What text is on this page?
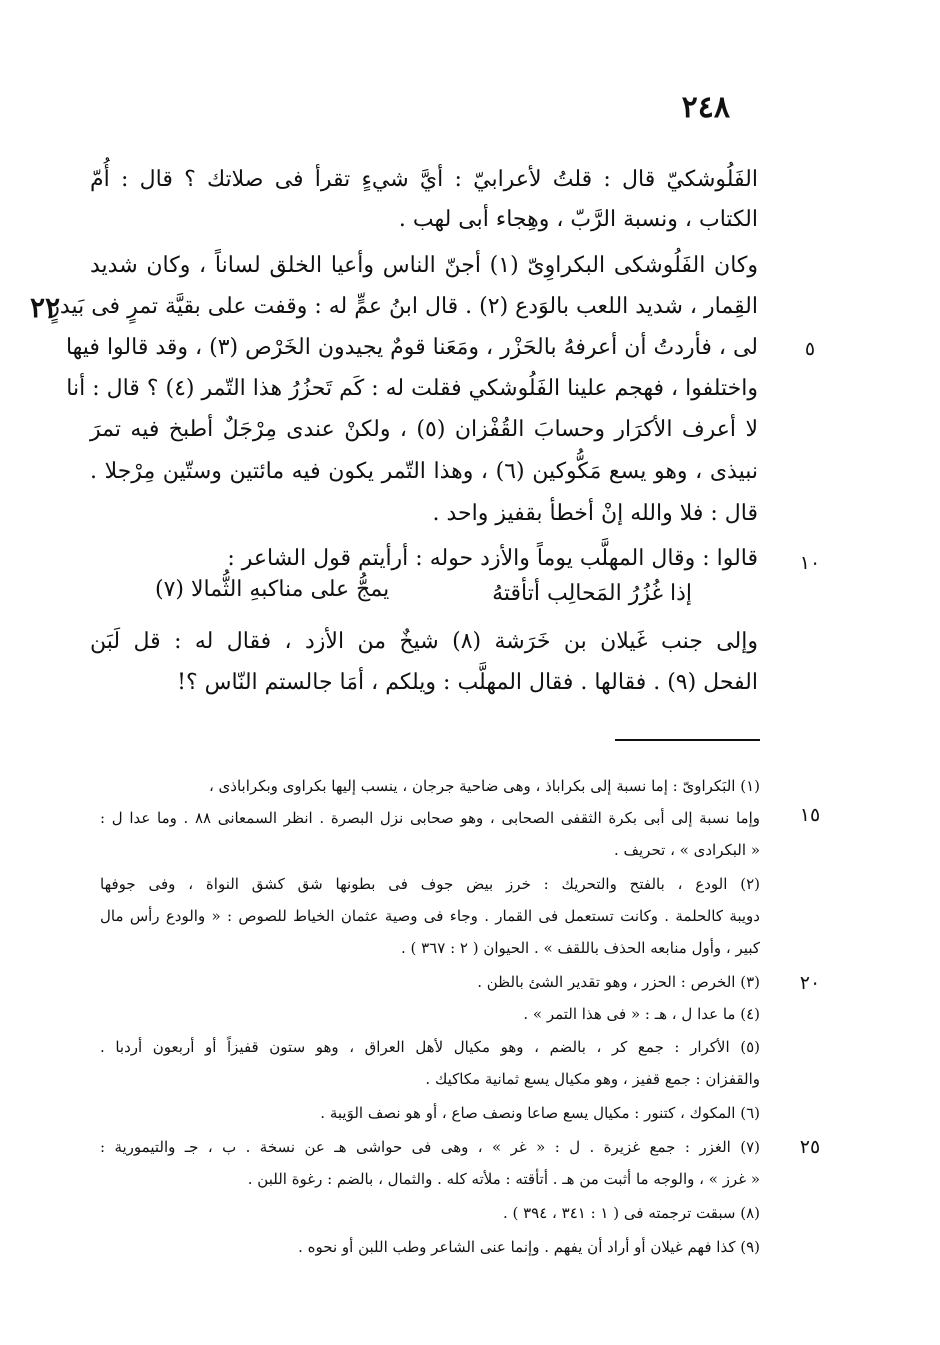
٢٤٨
٢٢
٥
١٠
١٥
٢٠
٢٥
الفَلُوشكيّ قال : قلتُ لأعرابيّ : أيَّ شيءٍ تقرأ فى صلاتك ؟ قال : أُمّ
الكتاب ، ونسبة الرَّبّ ، وهِجاء أبى لهب .
وكان الفَلُوشكى البكراوِىّ (١) أجنّ الناس وأعيا الخلق لساناً ، وكان شديد
القِمار ، شديد اللعب بالوَدع (٢) . قال ابنُ عمٍّ له : وقفت على بقيَّة تمرٍ فى بَيدرٍ
لى ، فأردتُ أن أعرفهُ بالحَزْر ، ومَعَنا قومٌ يجيدون الخَرْص (٣) ، وقد قالوا فيها
واختلفوا ، فهجم علينا الفَلُوشكي فقلت له : كَم تَحزُرُ هذا التّمر (٤) ؟ قال : أنا
لا أعرف الأكرَار وحسابَ القُفْزان (٥) ، ولكنْ عندى مِرْجَلٌ أطبخ فيه تمرَ
نبيذى ، وهو يسع مَكُّوكين (٦) ، وهذا التّمر يكون فيه مائتين وستّين مِرْجلا .
قال : فلا والله إنْ أخطأ بقفيز واحد .
قالوا : وقال المهلَّب يوماً والأزد حوله : أرأيتم قول الشاعر :
إذا غُزُرُ المَحالِب أتأقتهُ
يمجُّ على مناكبهِ الثُّمالا (٧)
وإلى جنب غَيلان بن خَرَشة (٨) شيخٌ من الأزد ، فقال له : قل لَبَن
الفحل (٩) . فقالها . فقال المهلَّب : ويلكم ، أمَا جالستم النّاس ؟!
(١) البَكراوىّ : إما نسبة إلى بكراباذ ، وهى ضاحية جرجان ، ينسب إليها بكراوى وبكراباذى ،
وإما نسبة إلى أبى بكرة الثقفى الصحابى ، وهو صحابى نزل البصرة . انظر السمعانى ٨٨ . وما عدا ل :
« البكرادى » ، تحريف .
(٢) الودع ، بالفتح والتحريك : خرز بيض جوف فى بطونها شق كشق النواة ، وفى جوفها
دويبة كالحلمة . وكانت تستعمل فى القمار . وجاء فى وصية عثمان الخياط للصوص : « والودع رأس مال
كبير ، وأول منابعه الحذف باللقف » . الحيوان ( ٢ : ٣٦٧ ) .
(٣) الخرص : الحزر ، وهو تقدير الشئ بالظن .
(٤) ما عدا ل ، هـ : « فى هذا التمر » .
(٥) الأكرار : جمع كر ، بالضم ، وهو مكيال لأهل العراق ، وهو ستون قفيزاً أو أربعون أردبا .
والقفزان : جمع قفيز ، وهو مكيال يسع ثمانية مكاكيك .
(٦) المكوك ، كتنور : مكيال يسع صاعا ونصف صاع ، أو هو نصف الوَيبة .
(٧) الغزر : جمع غزيرة . ل : « غر » ، وهى فى حواشى هـ عن نسخة . ب ، جـ والتيمورية :
« غرز » ، والوجه ما أثبت من هـ . أتأقته : ملأته كله . والثمال ، بالضم : رغوة اللبن .
(٨) سبقت ترجمته فى ( ١ : ٣٤١ ، ٣٩٤ ) .
(٩) كذا فهم غيلان أو أراد أن يفهم . وإنما عنى الشاعر وطب اللبن أو نحوه .
